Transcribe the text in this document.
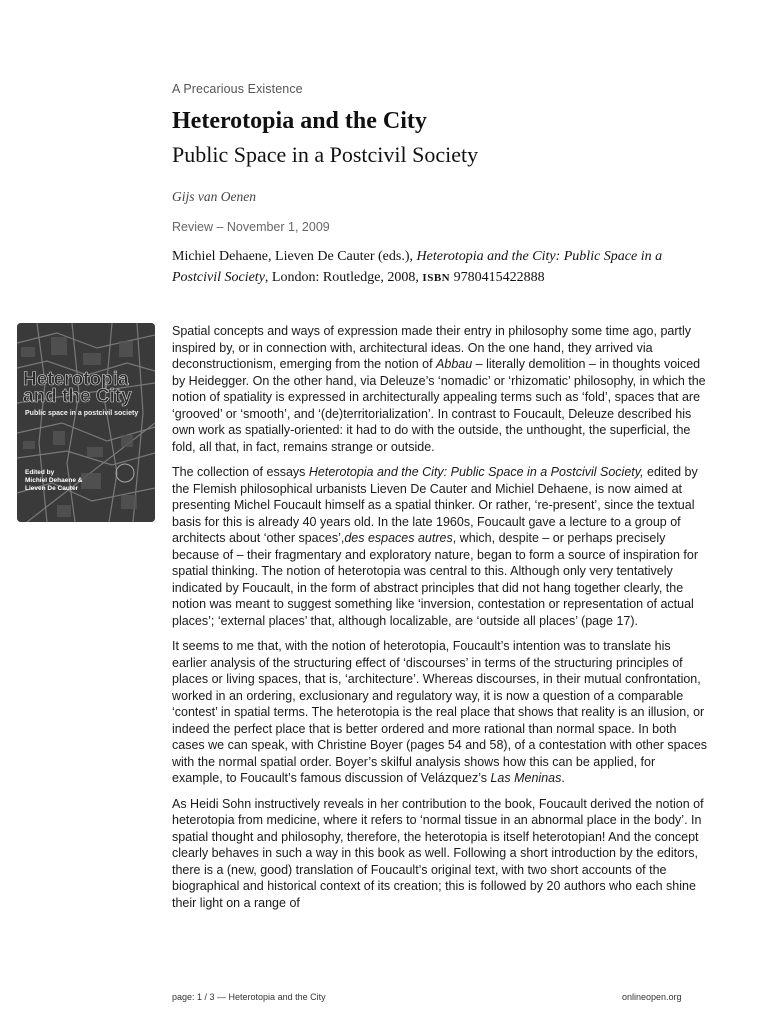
A Precarious Existence
Heterotopia and the City
Public Space in a Postcivil Society
Gijs van Oenen
Review – November 1, 2009
Michiel Dehaene, Lieven De Cauter (eds.), Heterotopia and the City: Public Space in a Postcivil Society, London: Routledge, 2008, ISBN 9780415422888
Heterotopia
and the City
Public space in a postcivil society
Edited by
Michiel Dehaene &
Lieven De Cauter

Spatial concepts and ways of expression made their entry in philosophy some time ago, partly inspired by, or in connection with, architectural ideas. On the one hand, they arrived via deconstructionism, emerging from the notion of Abbau – literally demolition – in thoughts voiced by Heidegger. On the other hand, via Deleuze’s ‘nomadic’ or ‘rhizomatic’ philosophy, in which the notion of spatiality is expressed in architecturally appealing terms such as ‘fold’, spaces that are ‘grooved’ or ‘smooth’, and ‘(de)territorialization’. In contrast to Foucault, Deleuze described his own work as spatially-oriented: it had to do with the outside, the unthought, the superficial, the fold, all that, in fact, remains strange or outside.

The collection of essays Heterotopia and the City: Public Space in a Postcivil Society, edited by the Flemish philosophical urbanists Lieven De Cauter and Michiel Dehaene, is now aimed at presenting Michel Foucault himself as a spatial thinker. Or rather, ‘re-present’, since the textual basis for this is already 40 years old. In the late 1960s, Foucault gave a lecture to a group of architects about ‘other spaces’,des espaces autres, which, despite – or perhaps precisely because of – their fragmentary and exploratory nature, began to form a source of inspiration for spatial thinking. The notion of heterotopia was central to this. Although only very tentatively indicated by Foucault, in the form of abstract principles that did not hang together clearly, the notion was meant to suggest something like ‘inversion, contestation or representation of actual places’; ‘external places’ that, although localizable, are ‘outside all places’ (page 17).

It seems to me that, with the notion of heterotopia, Foucault’s intention was to translate his earlier analysis of the structuring effect of ‘discourses’ in terms of the structuring principles of places or living spaces, that is, ‘architecture’. Whereas discourses, in their mutual confrontation, worked in an ordering, exclusionary and regulatory way, it is now a question of a comparable ‘contest’ in spatial terms. The heterotopia is the real place that shows that reality is an illusion, or indeed the perfect place that is better ordered and more rational than normal space. In both cases we can speak, with Christine Boyer (pages 54 and 58), of a contestation with other spaces with the normal spatial order. Boyer’s skilful analysis shows how this can be applied, for example, to Foucault’s famous discussion of Velázquez’s Las Meninas.

As Heidi Sohn instructively reveals in her contribution to the book, Foucault derived the notion of heterotopia from medicine, where it refers to ‘normal tissue in an abnormal place in the body’. In spatial thought and philosophy, therefore, the heterotopia is itself heterotopian! And the concept clearly behaves in such a way in this book as well. Following a short introduction by the editors, there is a (new, good) translation of Foucault’s original text, with two short accounts of the biographical and historical context of its creation; this is followed by 20 authors who each shine their light on a range of

page: 1 / 3 — Heterotopia and the City	onlineopen.org
